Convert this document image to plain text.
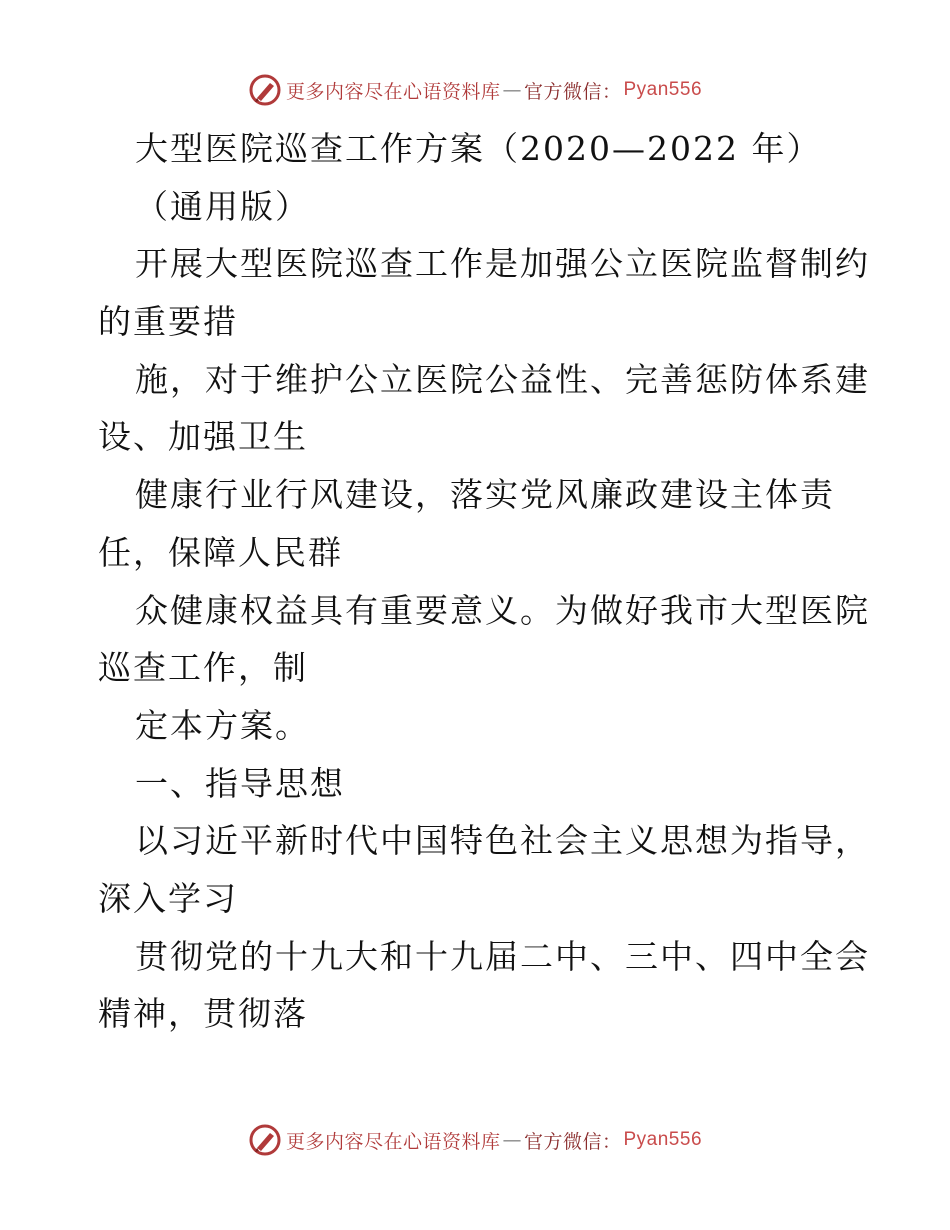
更多内容尽在心语资料库 — 官方微信： Pyan556
大型医院巡查工作方案（2020—2022 年）
（通用版）
开展大型医院巡查工作是加强公立医院监督制约
的重要措
施，对于维护公立医院公益性、完善惩防体系建
设、加强卫生
健康行业行风建设，落实党风廉政建设主体责
任，保障人民群
众健康权益具有重要意义。为做好我市大型医院
巡查工作，制
定本方案。
一、指导思想
以习近平新时代中国特色社会主义思想为指导，
深入学习
贯彻党的十九大和十九届二中、三中、四中全会
精神，贯彻落
更多内容尽在心语资料库 — 官方微信： Pyan556
